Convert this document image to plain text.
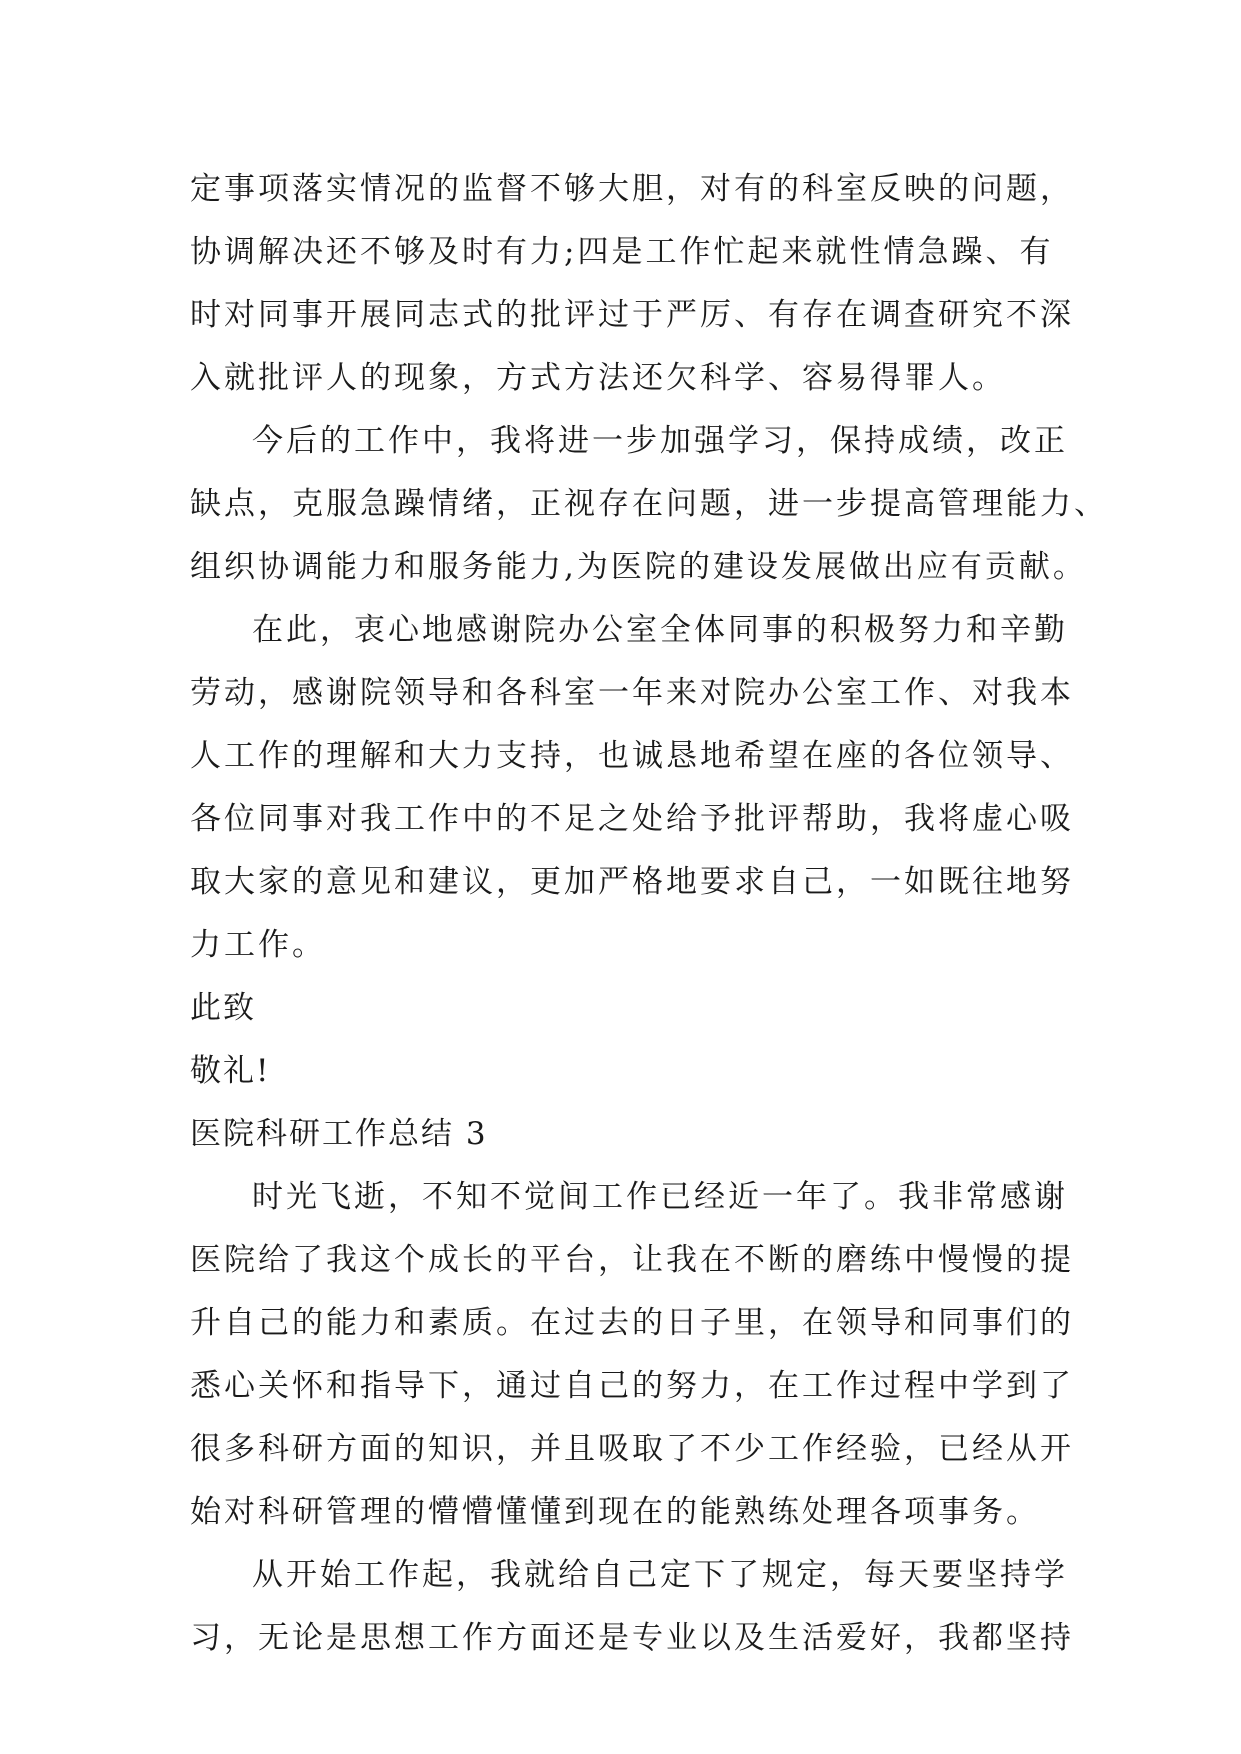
定事项落实情况的监督不够大胆，对有的科室反映的问题，
协调解决还不够及时有力;四是工作忙起来就性情急躁、有
时对同事开展同志式的批评过于严厉、有存在调查研究不深
入就批评人的现象，方式方法还欠科学、容易得罪人。
今后的工作中，我将进一步加强学习，保持成绩，改正
缺点，克服急躁情绪，正视存在问题，进一步提高管理能力、
组织协调能力和服务能力,为医院的建设发展做出应有贡献。
在此，衷心地感谢院办公室全体同事的积极努力和辛勤
劳动，感谢院领导和各科室一年来对院办公室工作、对我本
人工作的理解和大力支持，也诚恳地希望在座的各位领导、
各位同事对我工作中的不足之处给予批评帮助，我将虚心吸
取大家的意见和建议，更加严格地要求自己，一如既往地努
力工作。
此致
敬礼!
医院科研工作总结 3
时光飞逝，不知不觉间工作已经近一年了。我非常感谢
医院给了我这个成长的平台，让我在不断的磨练中慢慢的提
升自己的能力和素质。在过去的日子里，在领导和同事们的
悉心关怀和指导下，通过自己的努力，在工作过程中学到了
很多科研方面的知识，并且吸取了不少工作经验，已经从开
始对科研管理的懵懵懂懂到现在的能熟练处理各项事务。
从开始工作起，我就给自己定下了规定，每天要坚持学
习，无论是思想工作方面还是专业以及生活爱好，我都坚持
